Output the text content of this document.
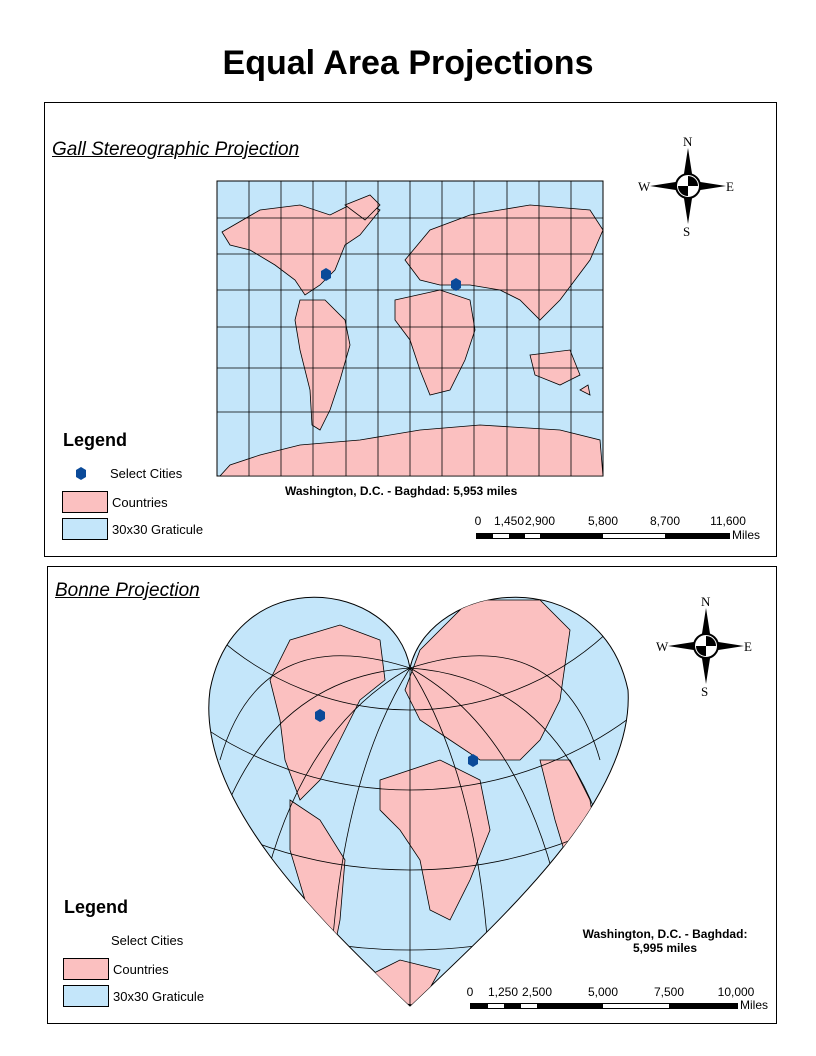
Equal Area Projections
Gall Stereographic Projection	N
S
W	E
Legend
Select Cities
Countries
30x30 Graticule
Washington, D.C. - Baghdad: 5,953 miles
0 1,450 2,900	5,800	8,700	11,600
Miles
Bonne Projection
N
S
W	E
Legend
Select Cities
Countries
30x30 Graticule
Washington, D.C. - Baghdad:
5,995 miles
0 1,250 2,500	5,000	7,500	10,000
Miles
